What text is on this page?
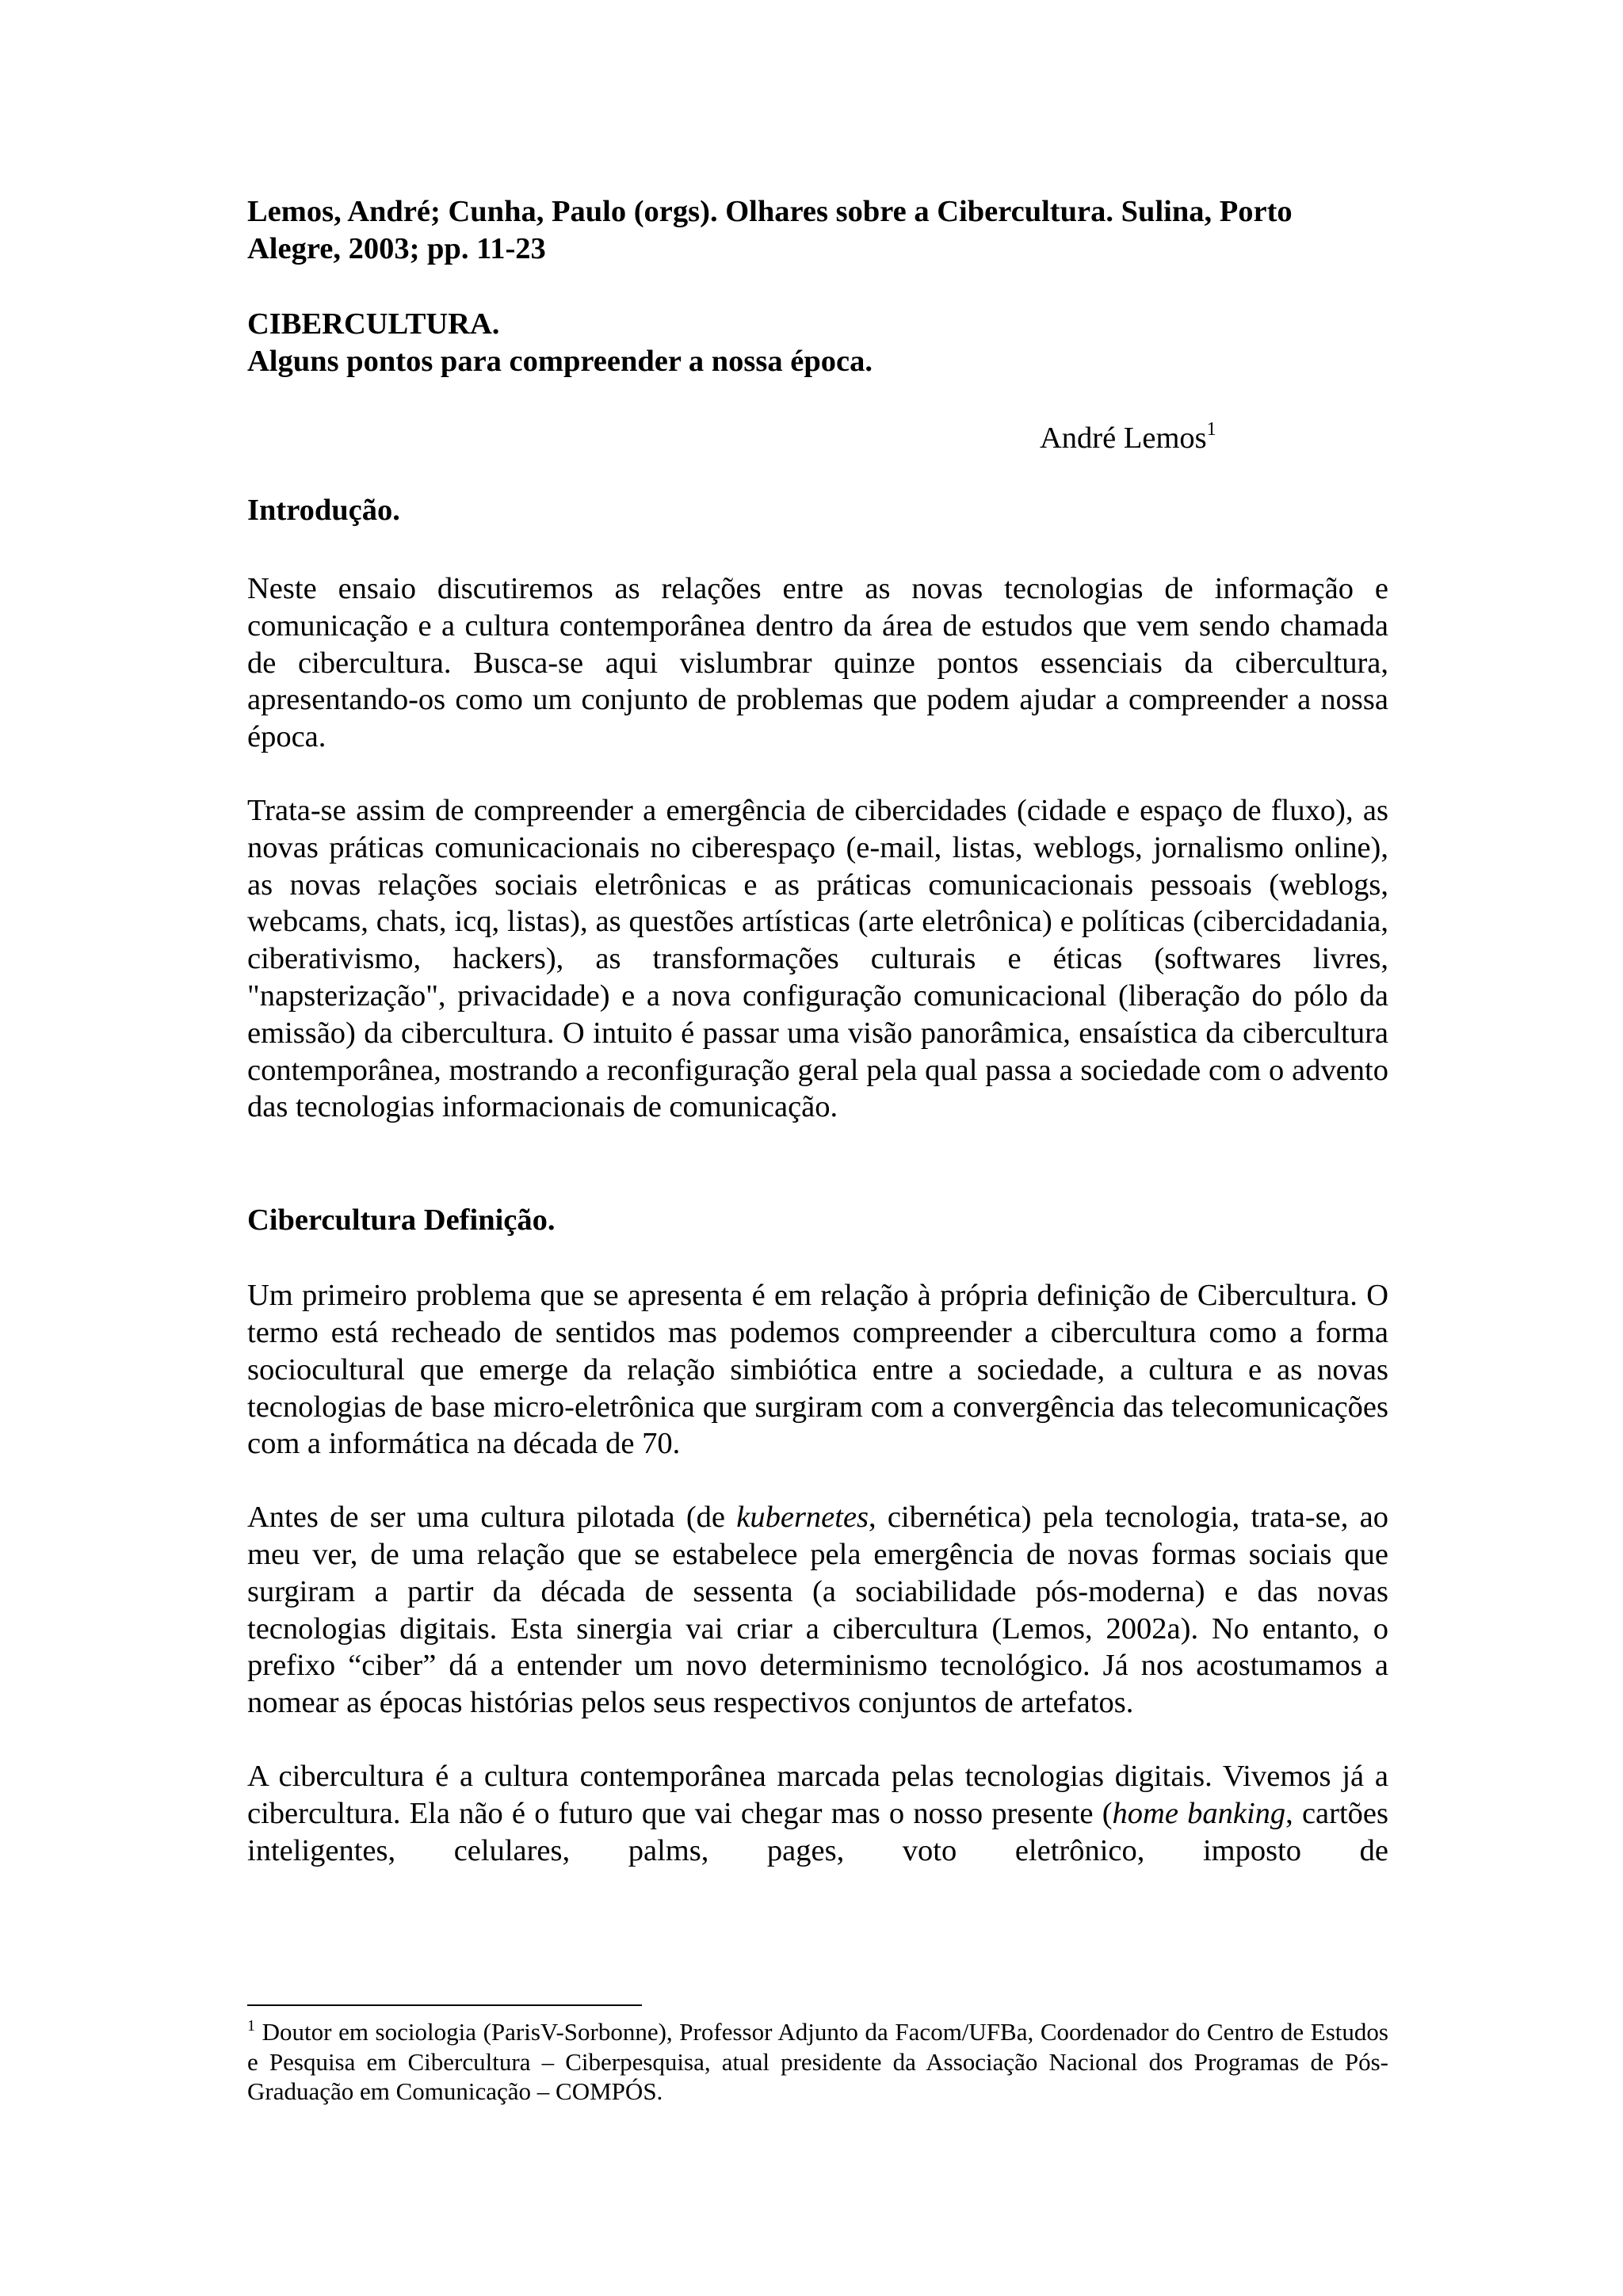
Lemos, André; Cunha, Paulo (orgs). Olhares sobre a Cibercultura. Sulina, Porto Alegre, 2003; pp. 11-23

CIBERCULTURA.
Alguns pontos para compreender a nossa época.
André Lemos$^1$
Introdução.

Neste ensaio discutiremos as relações entre as novas tecnologias de informação e comunicação e a cultura contemporânea dentro da área de estudos que vem sendo chamada de cibercultura. Busca-se aqui vislumbrar quinze pontos essenciais da cibercultura, apresentando-os como um conjunto de problemas que podem ajudar a compreender a nossa época.

Trata-se assim de compreender a emergência de cibercidades (cidade e espaço de fluxo), as novas práticas comunicacionais no ciberespaço (e-mail, listas, weblogs, jornalismo online), as novas relações sociais eletrônicas e as práticas comunicacionais pessoais (weblogs, webcams, chats, icq, listas), as questões artísticas (arte eletrônica) e políticas (cibercidadania, ciberativismo, hackers), as transformações culturais e éticas (softwares livres, "napsterização", privacidade) e a nova configuração comunicacional (liberação do pólo da emissão) da cibercultura. O intuito é passar uma visão panorâmica, ensaística da cibercultura contemporânea, mostrando a reconfiguração geral pela qual passa a sociedade com o advento das tecnologias informacionais de comunicação.

Cibercultura Definição.

Um primeiro problema que se apresenta é em relação à própria definição de Cibercultura. O termo está recheado de sentidos mas podemos compreender a cibercultura como a forma sociocultural que emerge da relação simbiótica entre a sociedade, a cultura e as novas tecnologias de base micro-eletrônica que surgiram com a convergência das telecomunicações com a informática na década de 70.

Antes de ser uma cultura pilotada (de kubernetes, cibernética) pela tecnologia, trata-se, ao meu ver, de uma relação que se estabelece pela emergência de novas formas sociais que surgiram a partir da década de sessenta (a sociabilidade pós-moderna) e das novas tecnologias digitais. Esta sinergia vai criar a cibercultura (Lemos, 2002a). No entanto, o prefixo “ciber” dá a entender um novo determinismo tecnológico. Já nos acostumamos a nomear as épocas histórias pelos seus respectivos conjuntos de artefatos.

A cibercultura é a cultura contemporânea marcada pelas tecnologias digitais. Vivemos já a cibercultura. Ela não é o futuro que vai chegar mas o nosso presente (home banking, cartões inteligentes, celulares, palms, pages, voto eletrônico, imposto de

$^1$ Doutor em sociologia (ParisV-Sorbonne), Professor Adjunto da Facom/UFBa, Coordenador do Centro de Estudos e Pesquisa em Cibercultura – Ciberpesquisa, atual presidente da Associação Nacional dos Programas de Pós-Graduação em Comunicação – COMPÓS.
